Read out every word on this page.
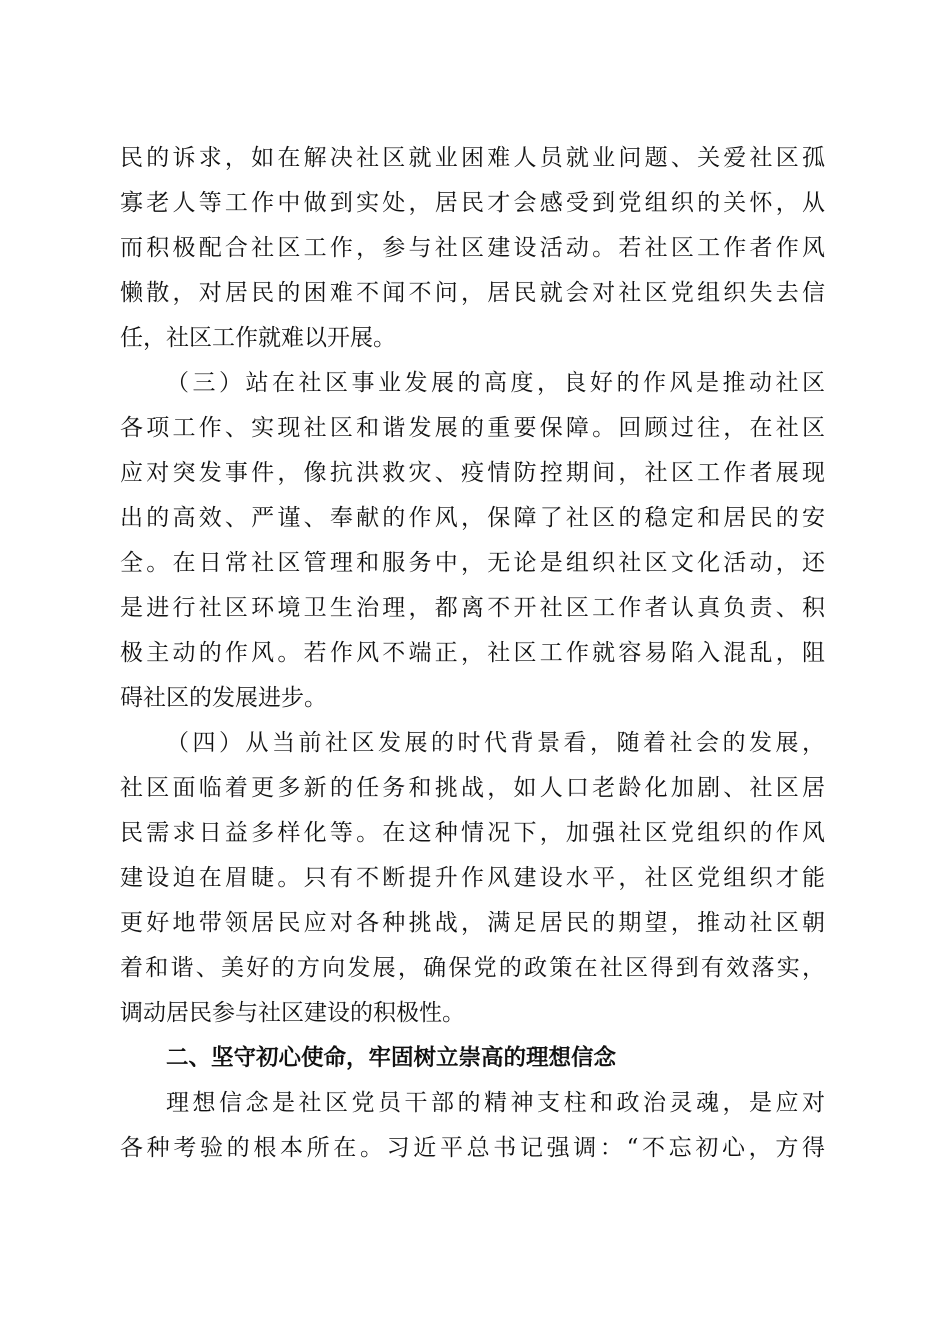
民的诉求，如在解决社区就业困难人员就业问题、关爱社区孤
寡老人等工作中做到实处，居民才会感受到党组织的关怀，从
而积极配合社区工作，参与社区建设活动。若社区工作者作风
懒散，对居民的困难不闻不问，居民就会对社区党组织失去信
任，社区工作就难以开展。
（三）站在社区事业发展的高度，良好的作风是推动社区
各项工作、实现社区和谐发展的重要保障。回顾过往，在社区
应对突发事件，像抗洪救灾、疫情防控期间，社区工作者展现
出的高效、严谨、奉献的作风，保障了社区的稳定和居民的安
全。在日常社区管理和服务中，无论是组织社区文化活动，还
是进行社区环境卫生治理，都离不开社区工作者认真负责、积
极主动的作风。若作风不端正，社区工作就容易陷入混乱，阻
碍社区的发展进步。
（四）从当前社区发展的时代背景看，随着社会的发展，
社区面临着更多新的任务和挑战，如人口老龄化加剧、社区居
民需求日益多样化等。在这种情况下，加强社区党组织的作风
建设迫在眉睫。只有不断提升作风建设水平，社区党组织才能
更好地带领居民应对各种挑战，满足居民的期望，推动社区朝
着和谐、美好的方向发展，确保党的政策在社区得到有效落实，
调动居民参与社区建设的积极性。
二、坚守初心使命，牢固树立崇高的理想信念
理想信念是社区党员干部的精神支柱和政治灵魂，是应对
各种考验的根本所在。习近平总书记强调：“不忘初心，方得
